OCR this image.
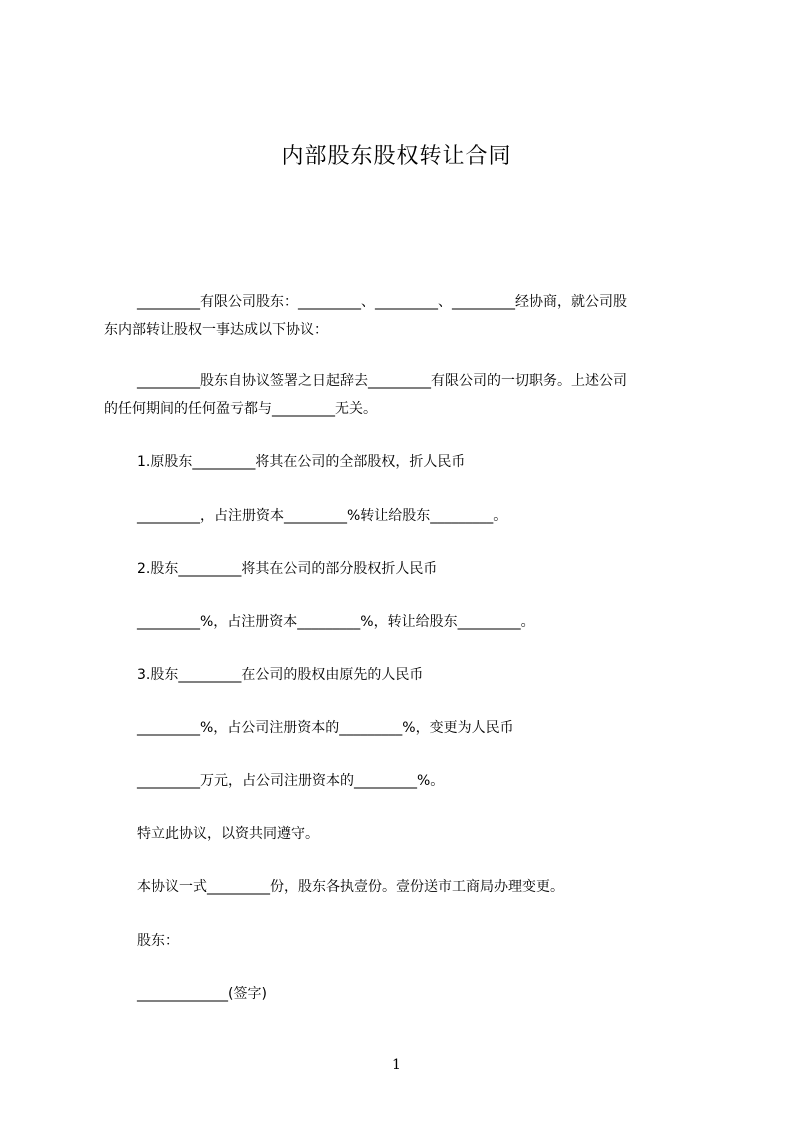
内部股东股权转让合同
_________有限公司股东：_________、_________、_________经协商，就公司股
东内部转让股权一事达成以下协议：
_________股东自协议签署之日起辞去_________有限公司的一切职务。上述公司
的任何期间的任何盈亏都与_________无关。
1.原股东_________将其在公司的全部股权，折人民币
_________，占注册资本_________%转让给股东_________。
2.股东_________将其在公司的部分股权折人民币
_________%，占注册资本_________%，转让给股东_________。
3.股东_________在公司的股权由原先的人民币
_________%，占公司注册资本的_________%，变更为人民币
_________万元，占公司注册资本的_________%。
特立此协议，以资共同遵守。
本协议一式_________份，股东各执壹份。壹份送市工商局办理变更。
股东：
_____________(签字)
1
